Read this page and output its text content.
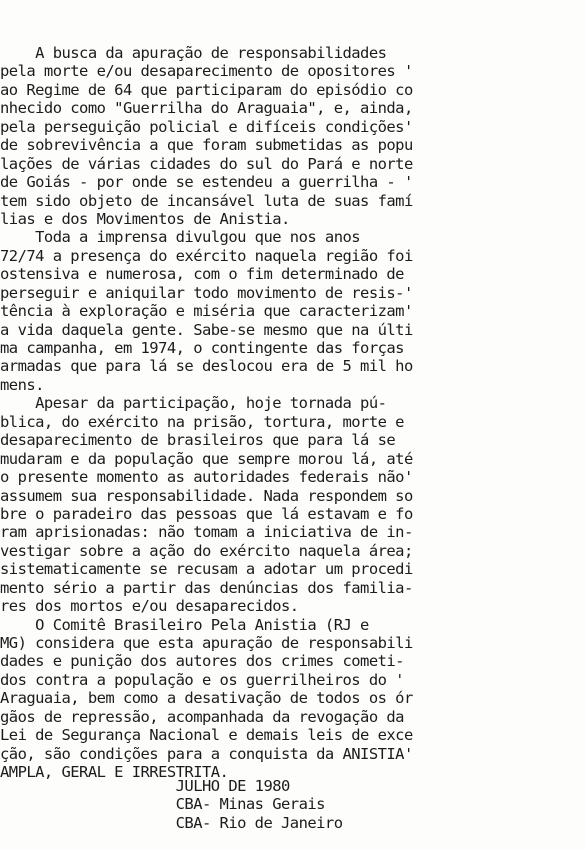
A busca da apuração de responsabilidades
pela morte e/ou desaparecimento de opositores '
ao Regime de 64 que participaram do episódio co
nhecido como "Guerrilha do Araguaia", e, ainda,
pela perseguição policial e difíceis condições'
de sobrevivência a que foram submetidas as popu
lações de várias cidades do sul do Pará e norte
de Goiás - por onde se estendeu a guerrilha - '
tem sido objeto de incansável luta de suas famí
lias e dos Movimentos de Anistia.
Toda a imprensa divulgou que nos anos
72/74 a presença do exército naquela região foi
ostensiva e numerosa, com o fim determinado de
perseguir e aniquilar todo movimento de resis-'
tência à exploração e miséria que caracterizam'
a vida daquela gente. Sabe-se mesmo que na últi
ma campanha, em 1974, o contingente das forças
armadas que para lá se deslocou era de 5 mil ho
mens.
Apesar da participação, hoje tornada pú-
blica, do exército na prisão, tortura, morte e
desaparecimento de brasileiros que para lá se
mudaram e da população que sempre morou lá, até
o presente momento as autoridades federais não'
assumem sua responsabilidade. Nada respondem so
bre o paradeiro das pessoas que lá estavam e fo
ram aprisionadas: não tomam a iniciativa de in-
vestigar sobre a ação do exército naquela área;
sistematicamente se recusam a adotar um procedi
mento sério a partir das denúncias dos familia-
res dos mortos e/ou desaparecidos.
O Comitê Brasileiro Pela Anistia (RJ e
MG) considera que esta apuração de responsabili
dades e punição dos autores dos crimes cometi-
dos contra a população e os guerrilheiros do '
Araguaia, bem como a desativação de todos os ór
gãos de repressão, acompanhada da revogação da
Lei de Segurança Nacional e demais leis de exce
ção, são condições para a conquista da ANISTIA'
AMPLA, GERAL E IRRESTRITA.
JULHO DE 1980
CBA- Minas Gerais
CBA- Rio de Janeiro
